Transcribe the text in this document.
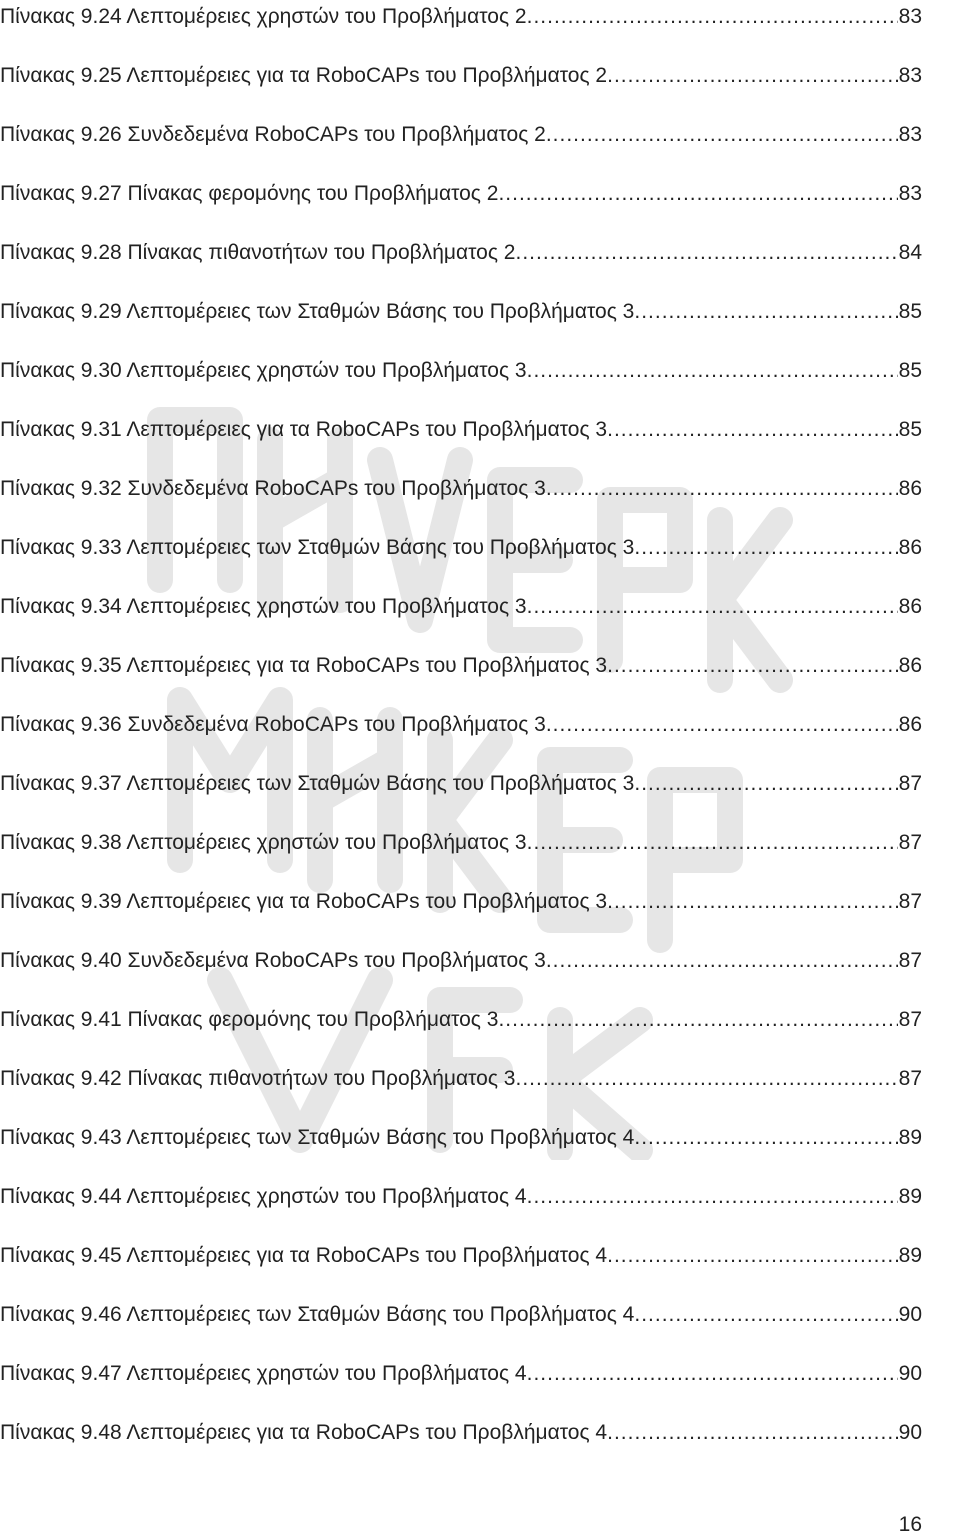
Πίνακας 9.24 Λεπτομέρειες χρηστών του Προβλήματος 2. .....	83
Πίνακας 9.25 Λεπτομέρειες για τα RoboCAPs του Προβλήματος 2. .....	83
Πίνακας 9.26 Συνδεδεμένα RoboCAPs του Προβλήματος 2. .....	83
Πίνακας 9.27 Πίνακας φερομόνης του Προβλήματος 2. .....	83
Πίνακας 9.28 Πίνακας πιθανοτήτων του Προβλήματος 2. .....	84
Πίνακας 9.29 Λεπτομέρειες των Σταθμών Βάσης του Προβλήματος 3. .....	85
Πίνακας 9.30 Λεπτομέρειες χρηστών του Προβλήματος 3. .....	85
Πίνακας 9.31 Λεπτομέρειες για τα RoboCAPs του Προβλήματος 3. .....	85
Πίνακας 9.32 Συνδεδεμένα RoboCAPs του Προβλήματος 3. .....	86
Πίνακας 9.33 Λεπτομέρειες των Σταθμών Βάσης του Προβλήματος 3. .....	86
Πίνακας 9.34 Λεπτομέρειες χρηστών του Προβλήματος 3. .....	86
Πίνακας 9.35 Λεπτομέρειες για τα RoboCAPs του Προβλήματος 3. .....	86
Πίνακας 9.36 Συνδεδεμένα RoboCAPs του Προβλήματος 3. .....	86
Πίνακας 9.37 Λεπτομέρειες των Σταθμών Βάσης του Προβλήματος 3. .....	87
Πίνακας 9.38 Λεπτομέρειες χρηστών του Προβλήματος 3. .....	87
Πίνακας 9.39 Λεπτομέρειες για τα RoboCAPs του Προβλήματος 3. .....	87
Πίνακας 9.40 Συνδεδεμένα RoboCAPs του Προβλήματος 3. .....	87
Πίνακας 9.41 Πίνακας φερομόνης του Προβλήματος 3. .....	87
Πίνακας 9.42 Πίνακας πιθανοτήτων του Προβλήματος 3. .....	87
Πίνακας 9.43 Λεπτομέρειες των Σταθμών Βάσης του Προβλήματος 4. .....	89
Πίνακας 9.44 Λεπτομέρειες χρηστών του Προβλήματος 4. .....	89
Πίνακας 9.45 Λεπτομέρειες για τα RoboCAPs του Προβλήματος 4. .....	89
Πίνακας 9.46 Λεπτομέρειες των Σταθμών Βάσης του Προβλήματος 4. .....	90
Πίνακας 9.47 Λεπτομέρειες χρηστών του Προβλήματος 4. .....	90
Πίνακας 9.48 Λεπτομέρειες για τα RoboCAPs του Προβλήματος 4. .....	90
16
